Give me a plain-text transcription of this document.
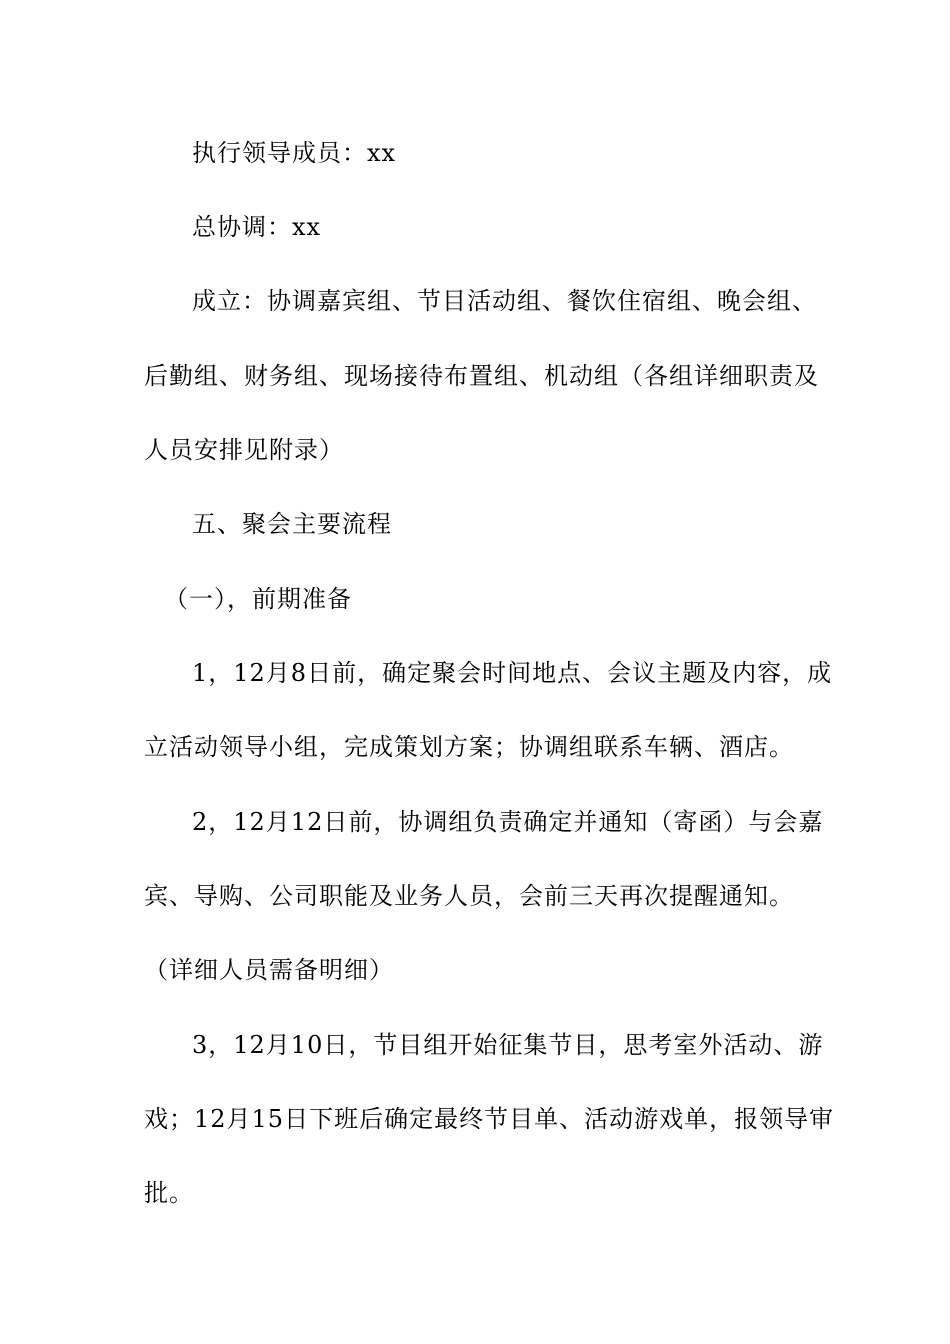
执行领导成员：xx
总协调：xx
成立：协调嘉宾组、节目活动组、餐饮住宿组、晚会组、
后勤组、财务组、现场接待布置组、机动组（各组详细职责及
人员安排见附录）
五、聚会主要流程
（一），前期准备
1，12月8日前，确定聚会时间地点、会议主题及内容，成
立活动领导小组，完成策划方案；协调组联系车辆、酒店。
2，12月12日前，协调组负责确定并通知（寄函）与会嘉
宾、导购、公司职能及业务人员，会前三天再次提醒通知。
（详细人员需备明细）
3，12月10日，节目组开始征集节目，思考室外活动、游
戏；12月15日下班后确定最终节目单、活动游戏单，报领导审
批。
